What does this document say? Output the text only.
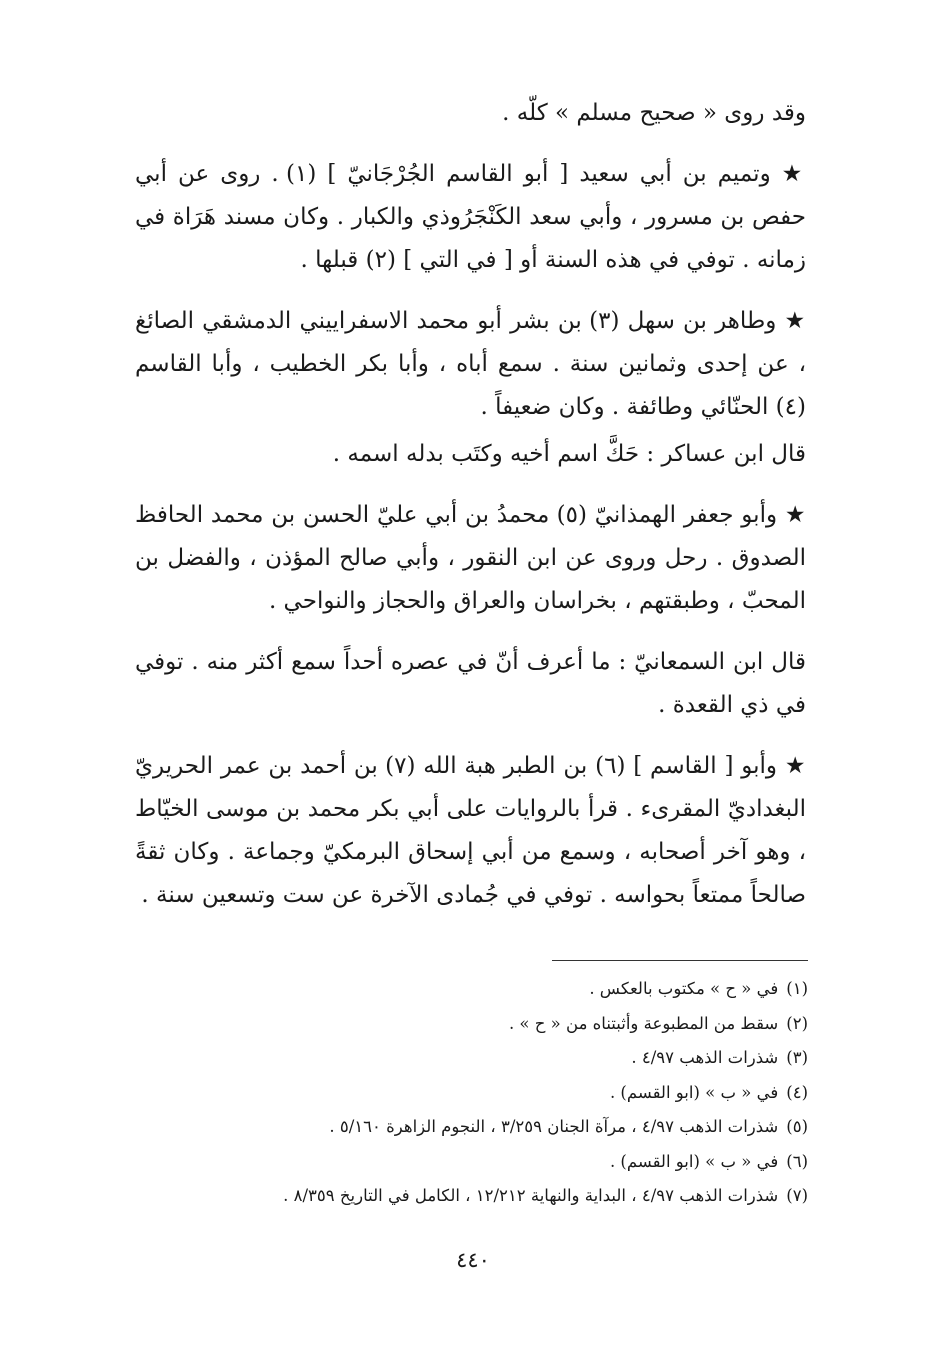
وقد روى « صحيح مسلم » كلّه .

★ وتميم بن أبي سعيد [ أبو القاسم الجُرْجَانيّ ] (١) . روى عن أبي حفص بن مسرور ، وأبي سعد الكَنْجَرُوذي والكبار . وكان مسند هَرَاة في زمانه . توفي في هذه السنة أو [ في التي ] (٢) قبلها .

★ وطاهر بن سهل (٣) بن بشر أبو محمد الاسفراييني الدمشقي الصائغ ، عن إحدى وثمانين سنة . سمع أباه ، وأبا بكر الخطيب ، وأبا القاسم (٤) الحنّائي وطائفة . وكان ضعيفاً .

قال ابن عساكر : حَكَّ اسم أخيه وكتَب بدله اسمه .

★ وأبو جعفر الهمذانيّ (٥) محمدُ بن أبي عليّ الحسن بن محمد الحافظ الصدوق . رحل وروى عن ابن النقور ، وأبي صالح المؤذن ، والفضل بن المحبّ ، وطبقتهم ، بخراسان والعراق والحجاز والنواحي .

قال ابن السمعانيّ : ما أعرف أنّ في عصره أحداً سمع أكثر منه . توفي في ذي القعدة .

★ وأبو [ القاسم ] (٦) بن الطبر هبة الله (٧) بن أحمد بن عمر الحريريّ البغداديّ المقرىء . قرأ بالروايات على أبي بكر محمد بن موسى الخيّاط ، وهو آخر أصحابه ، وسمع من أبي إسحاق البرمكيّ وجماعة . وكان ثقةً صالحاً ممتعاً بحواسه . توفي في جُمادى الآخرة عن ست وتسعين سنة .

(١)في « ح » مكتوب بالعكس .
(٢)سقط من المطبوعة وأثبتناه من « ح » .
(٣)شذرات الذهب ٤/٩٧ .
(٤)في « ب » (ابو القسم) .
(٥)شذرات الذهب ٤/٩٧ ، مرآة الجنان ٣/٢٥٩ ، النجوم الزاهرة ٥/١٦٠ .
(٦)في « ب » (ابو القسم) .
(٧)شذرات الذهب ٤/٩٧ ، البداية والنهاية ١٢/٢١٢ ، الكامل في التاريخ ٨/٣٥٩ .
٤٤٠
